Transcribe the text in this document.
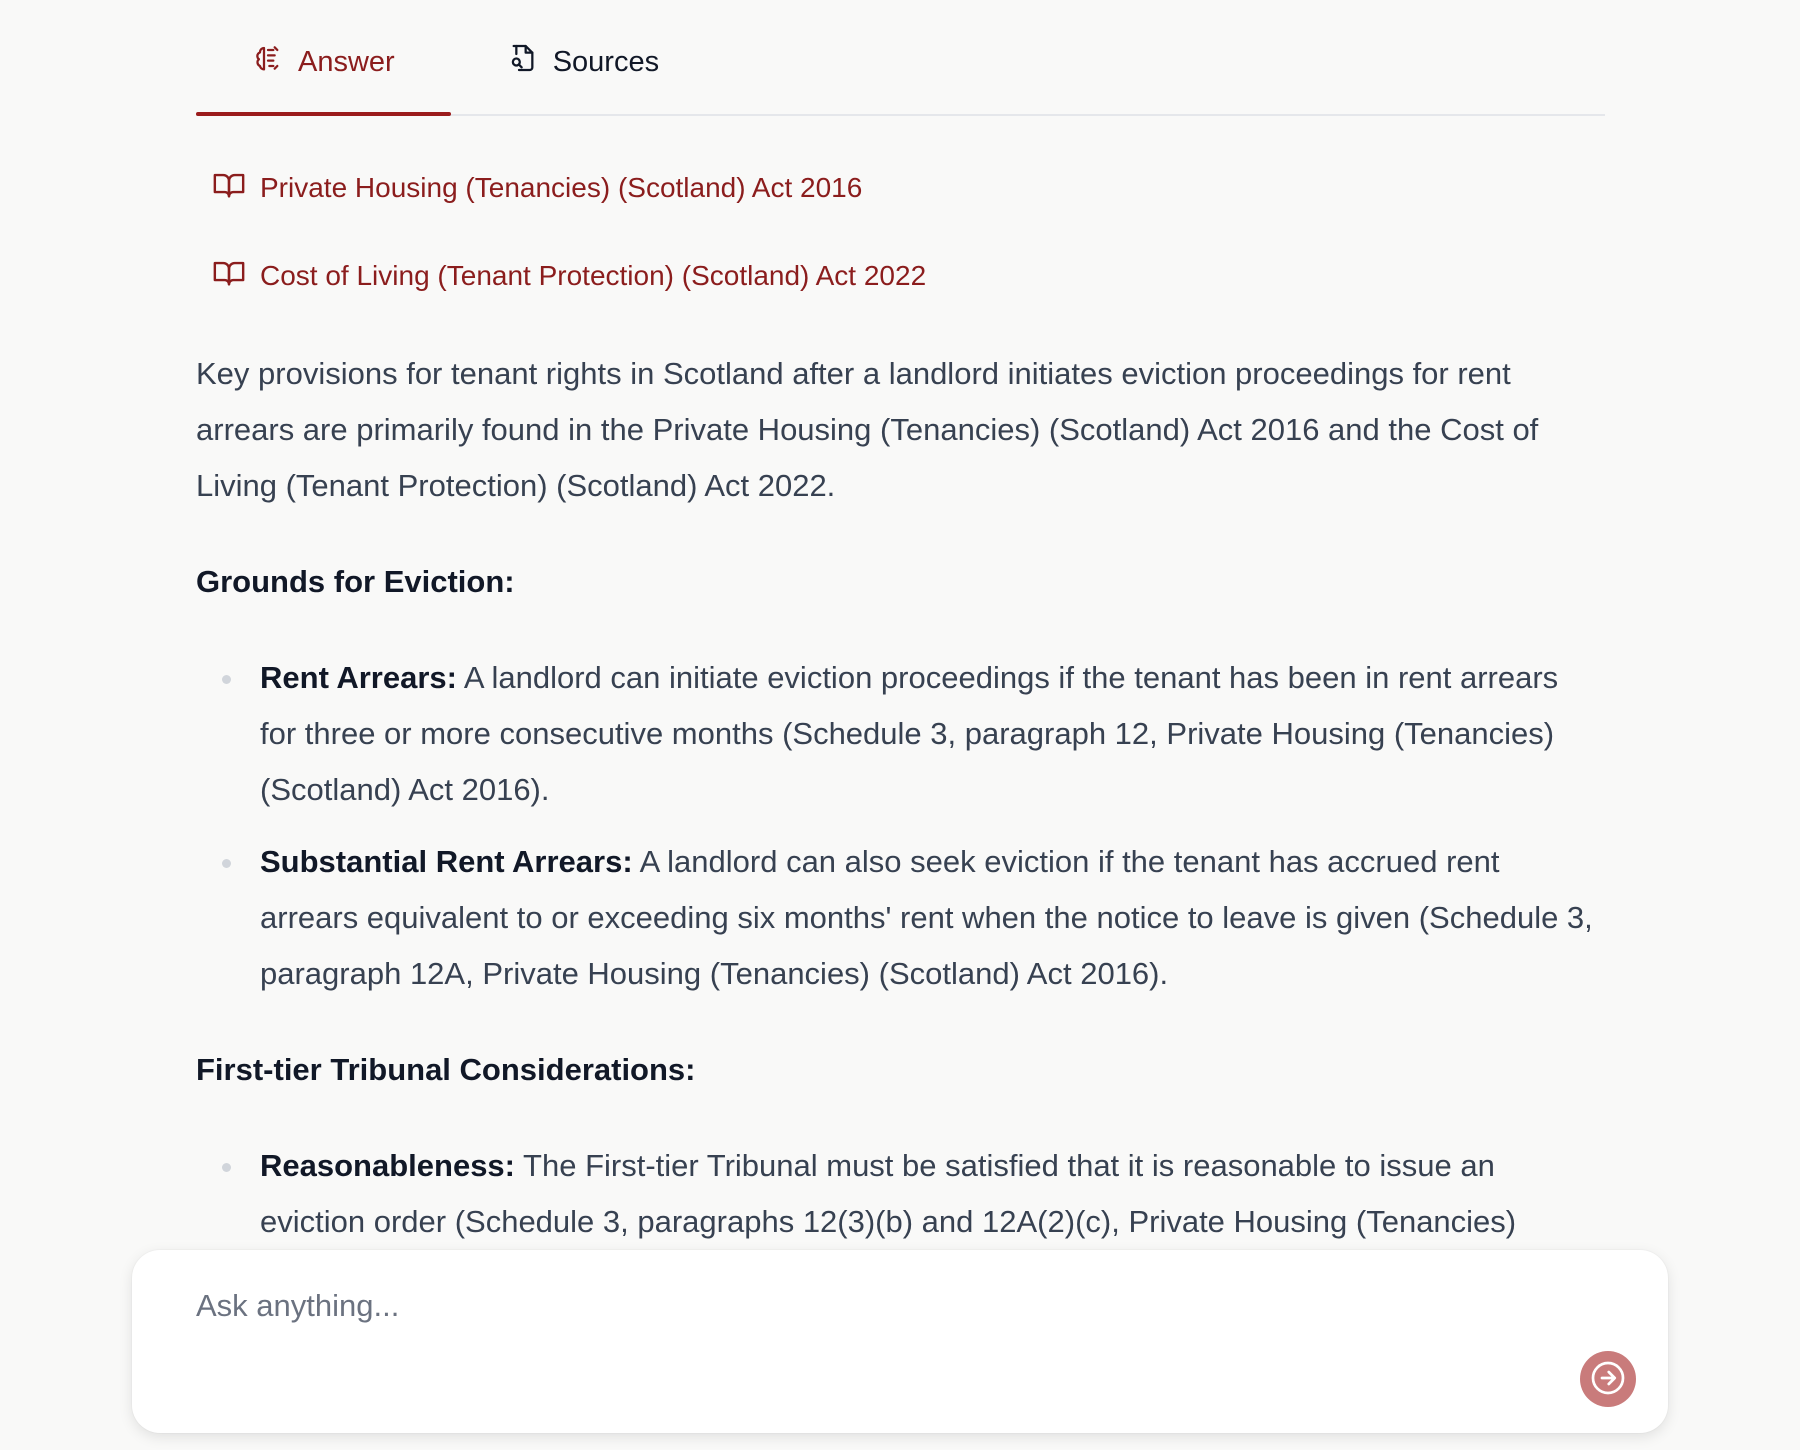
Answer	Sources
Private Housing (Tenancies) (Scotland) Act 2016
Cost of Living (Tenant Protection) (Scotland) Act 2022

Key provisions for tenant rights in Scotland after a landlord initiates eviction proceedings for rent arrears are primarily found in the Private Housing (Tenancies) (Scotland) Act 2016 and the Cost of Living (Tenant Protection) (Scotland) Act 2022.

Grounds for Eviction:
Rent Arrears: A landlord can initiate eviction proceedings if the tenant has been in rent arrears for three or more consecutive months (Schedule 3, paragraph 12, Private Housing (Tenancies) (Scotland) Act 2016).
Substantial Rent Arrears: A landlord can also seek eviction if the tenant has accrued rent arrears equivalent to or exceeding six months' rent when the notice to leave is given (Schedule 3, paragraph 12A, Private Housing (Tenancies) (Scotland) Act 2016).
First-tier Tribunal Considerations:
Reasonableness: The First-tier Tribunal must be satisfied that it is reasonable to issue an eviction order (Schedule 3, paragraphs 12(3)(b) and 12A(2)(c), Private Housing (Tenancies)
Ask anything...
